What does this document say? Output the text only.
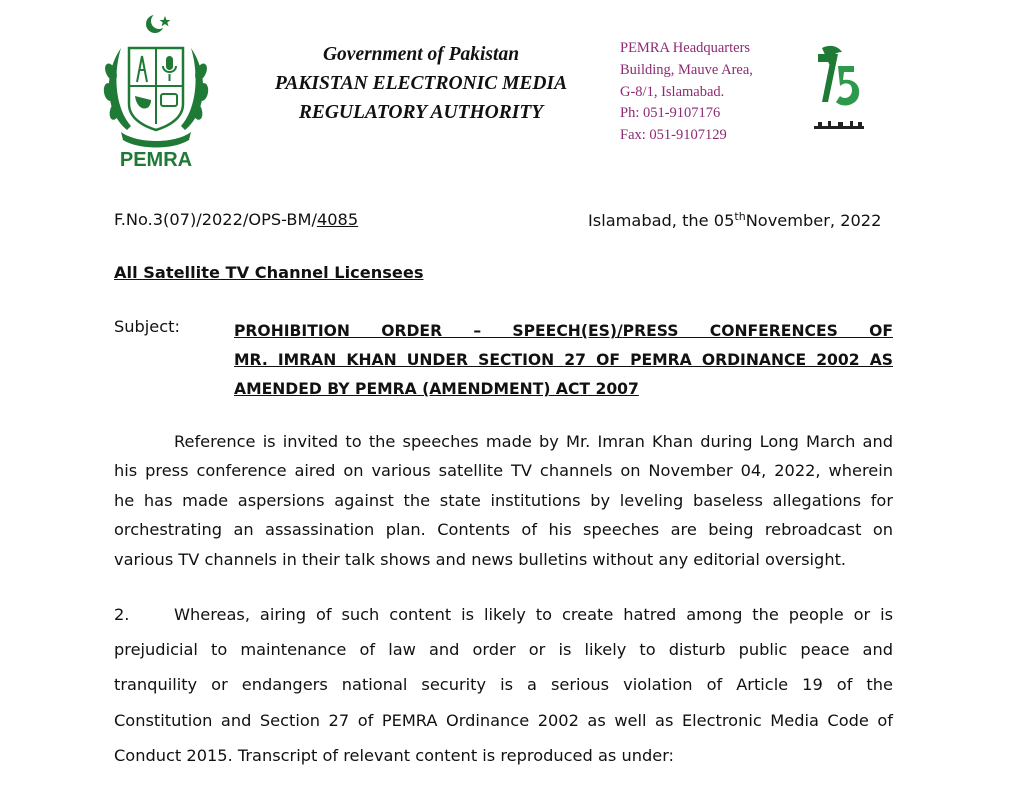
PEMRA
Government of Pakistan
PAKISTAN ELECTRONIC MEDIA
REGULATORY AUTHORITY
PEMRA Headquarters
Building, Mauve Area,
G-8/1, Islamabad.
Ph: 051-9107176
Fax: 051-9107129
F.No.3(07)/2022/OPS-BM/4085	Islamabad, the 05thNovember, 2022
All Satellite TV Channel Licensees
Subject:	PROHIBITION ORDER – SPEECH(ES)/PRESS CONFERENCES OF
MR. IMRAN KHAN UNDER SECTION 27 OF PEMRA ORDINANCE 2002 AS
AMENDED BY PEMRA (AMENDMENT) ACT 2007
Reference is invited to the speeches made by Mr. Imran Khan during Long March and
his press conference aired on various satellite TV channels on November 04, 2022, wherein
he has made aspersions against the state institutions by leveling baseless allegations for
orchestrating an assassination plan. Contents of his speeches are being rebroadcast on
various TV channels in their talk shows and news bulletins without any editorial oversight.
2.	Whereas, airing of such content is likely to create hatred among the people or is
prejudicial to maintenance of law and order or is likely to disturb public peace and
tranquility or endangers national security is a serious violation of Article 19 of the
Constitution and Section 27 of PEMRA Ordinance 2002 as well as Electronic Media Code of
Conduct 2015. Transcript of relevant content is reproduced as under:
